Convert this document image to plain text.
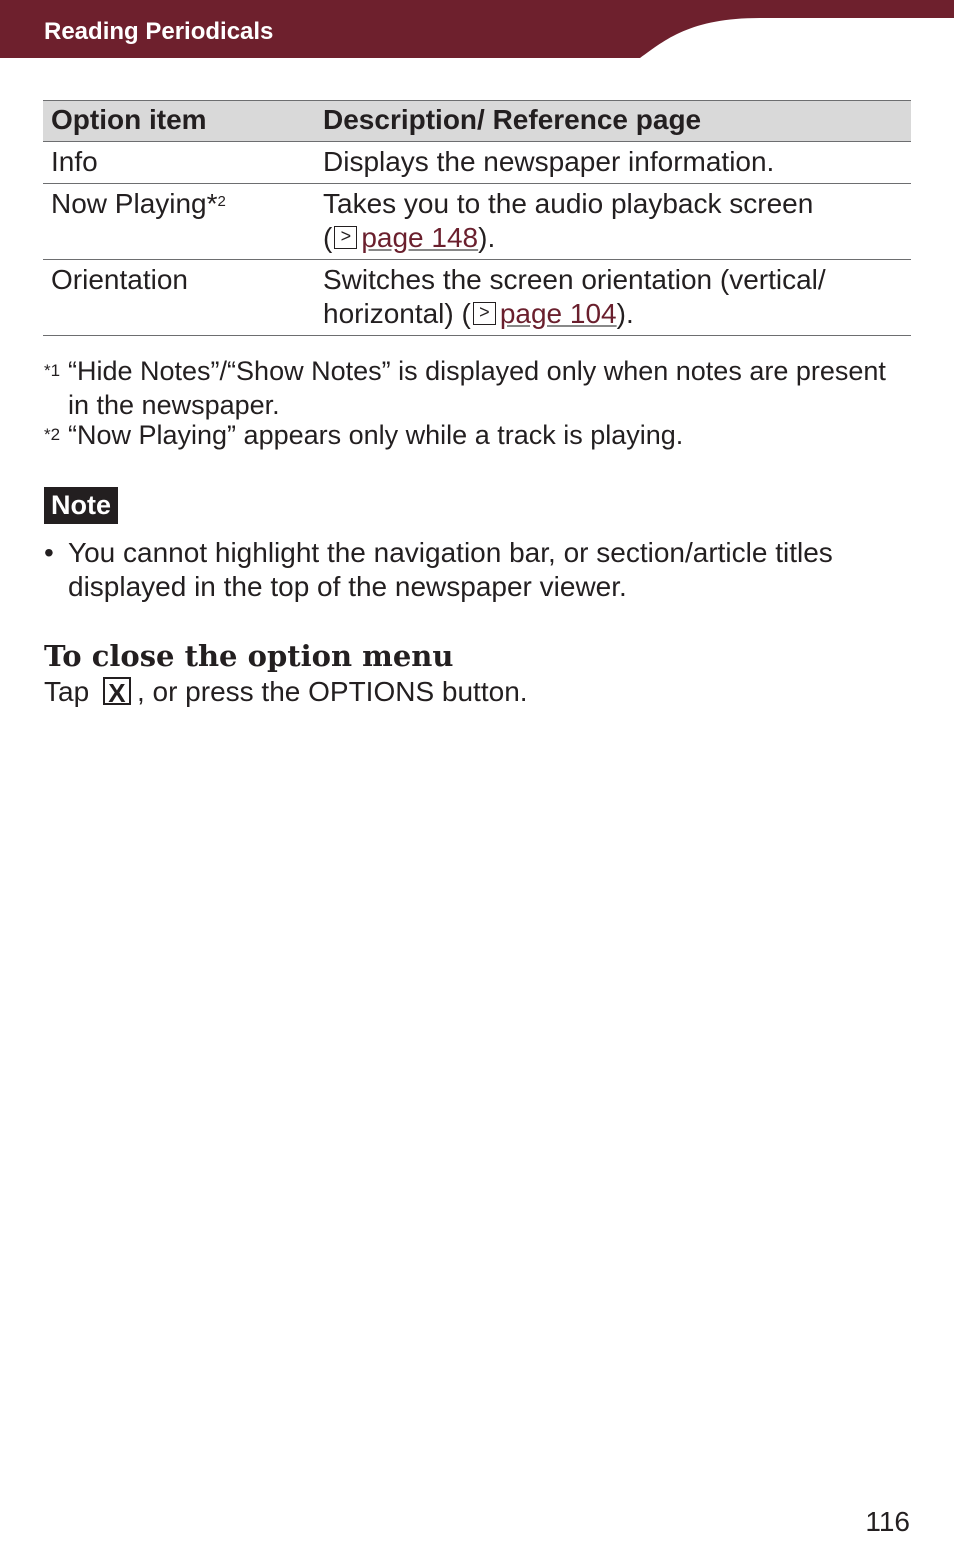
Reading Periodicals
Option item	Description/ Reference page
Info	Displays the newspaper information.
Now Playing*$^2$	Takes you to the audio playback screen
( > page 148).
Orientation	Switches the screen orientation (vertical/
horizontal) ( > page 104).
*1 “Hide Notes”/“Show Notes” is displayed only when notes are present in the newspaper.
*2 “Now Playing” appears only while a track is playing.
Note
• You cannot highlight the navigation bar, or section/article titles displayed in the top of the newspaper viewer.
To close the option menu
Tap X , or press the OPTIONS button.
116
